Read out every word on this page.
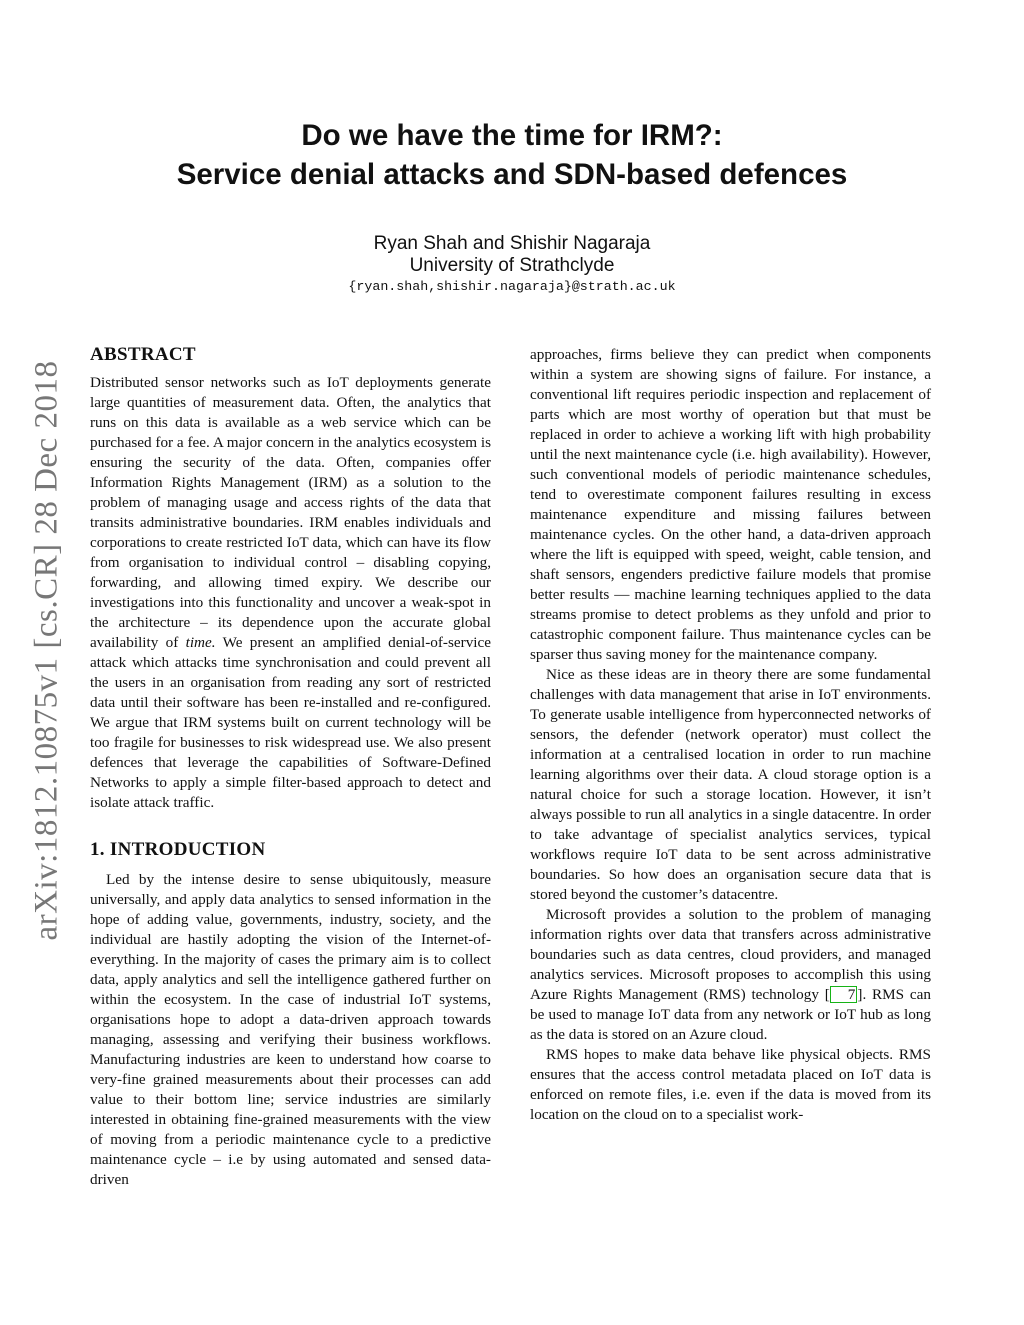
arXiv:1812.10875v1 [cs.CR] 28 Dec 2018
Do we have the time for IRM?:
Service denial attacks and SDN-based defences
Ryan Shah and Shishir Nagaraja
University of Strathclyde
{ryan.shah,shishir.nagaraja}@strath.ac.uk
ABSTRACT

Distributed sensor networks such as IoT deployments generate large quantities of measurement data. Often, the analytics that runs on this data is available as a web service which can be purchased for a fee. A major concern in the analytics ecosystem is ensuring the security of the data. Often, companies offer Information Rights Management (IRM) as a solution to the problem of managing usage and access rights of the data that transits administrative boundaries. IRM enables individuals and corporations to create restricted IoT data, which can have its flow from organisation to individual control – disabling copying, forwarding, and allowing timed expiry. We describe our investigations into this functionality and uncover a weak-spot in the architecture – its dependence upon the accurate global availability of time. We present an amplified denial-of-service attack which attacks time synchronisation and could prevent all the users in an organisation from reading any sort of restricted data until their software has been re-installed and re-configured. We argue that IRM systems built on current technology will be too fragile for businesses to risk widespread use. We also present defences that leverage the capabilities of Software-Defined Networks to apply a simple filter-based approach to detect and isolate attack traffic.

1. INTRODUCTION

Led by the intense desire to sense ubiquitously, measure universally, and apply data analytics to sensed information in the hope of adding value, governments, industry, society, and the individual are hastily adopting the vision of the Internet-of-everything. In the majority of cases the primary aim is to collect data, apply analytics and sell the intelligence gathered further on within the ecosystem. In the case of industrial IoT systems, organisations hope to adopt a data-driven approach towards managing, assessing and verifying their business workflows. Manufacturing industries are keen to understand how coarse to very-fine grained measurements about their processes can add value to their bottom line; service industries are similarly interested in obtaining fine-grained measurements with the view of moving from a periodic maintenance cycle to a predictive maintenance cycle – i.e by using automated and sensed data-driven

approaches, firms believe they can predict when components within a system are showing signs of failure. For instance, a conventional lift requires periodic inspection and replacement of parts which are most worthy of operation but that must be replaced in order to achieve a working lift with high probability until the next maintenance cycle (i.e. high availability). However, such conventional models of periodic maintenance schedules, tend to overestimate component failures resulting in excess maintenance expenditure and missing failures between maintenance cycles. On the other hand, a data-driven approach where the lift is equipped with speed, weight, cable tension, and shaft sensors, engenders predictive failure models that promise better results — machine learning techniques applied to the data streams promise to detect problems as they unfold and prior to catastrophic component failure. Thus maintenance cycles can be sparser thus saving money for the maintenance company.

Nice as these ideas are in theory there are some fundamental challenges with data management that arise in IoT environments. To generate usable intelligence from hyperconnected networks of sensors, the defender (network operator) must collect the information at a centralised location in order to run machine learning algorithms over their data. A cloud storage option is a natural choice for such a storage location. However, it isn’t always possible to run all analytics in a single datacentre. In order to take advantage of specialist analytics services, typical workflows require IoT data to be sent across administrative boundaries. So how does an organisation secure data that is stored beyond the customer’s datacentre.

Microsoft provides a solution to the problem of managing information rights over data that transfers across administrative boundaries such as data centres, cloud providers, and managed analytics services. Microsoft proposes to accomplish this using Azure Rights Management (RMS) technology [ 7 ]. RMS can be used to manage IoT data from any network or IoT hub as long as the data is stored on an Azure cloud.

RMS hopes to make data behave like physical objects. RMS ensures that the access control metadata placed on IoT data is enforced on remote files, i.e. even if the data is moved from its location on the cloud on to a specialist work-
